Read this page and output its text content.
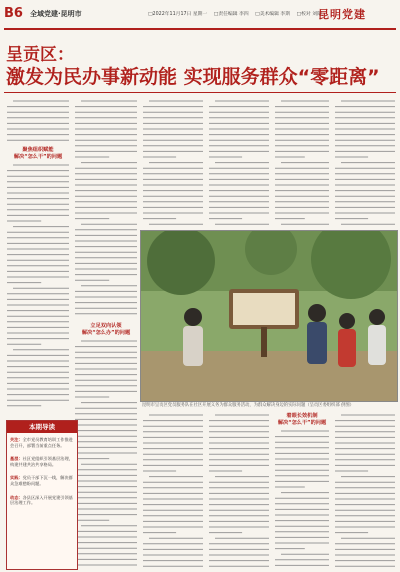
B6 全域党建·昆明市	□2022年11月17日 星期一 □责任编辑 李四 □美术编辑 李斯 □校对 刘阳
昆明党建
呈贡区：
激发为民办事新动能 实现服务群众“零距离”
聚焦组织赋能
解决“怎么干”的问题
立足双向认领
解决“怎么办”的问题
昆明市呈贡区党员服务队在社区开展义务为群众服务活动，为群众解决身边的实际问题（呈贡区委组织部 供图）
着眼长效机制
解决“怎么干”的问题
本期导读
关注：全市党员教育培训工作推进会召开，部署当前重点任务。
基层：社区党组织引领基层治理，构建共建共治共享格局。
实践：党员干部下沉一线，解决群众急难愁盼问题。
动态：各县区深入开展党建引领基层治理工作。
